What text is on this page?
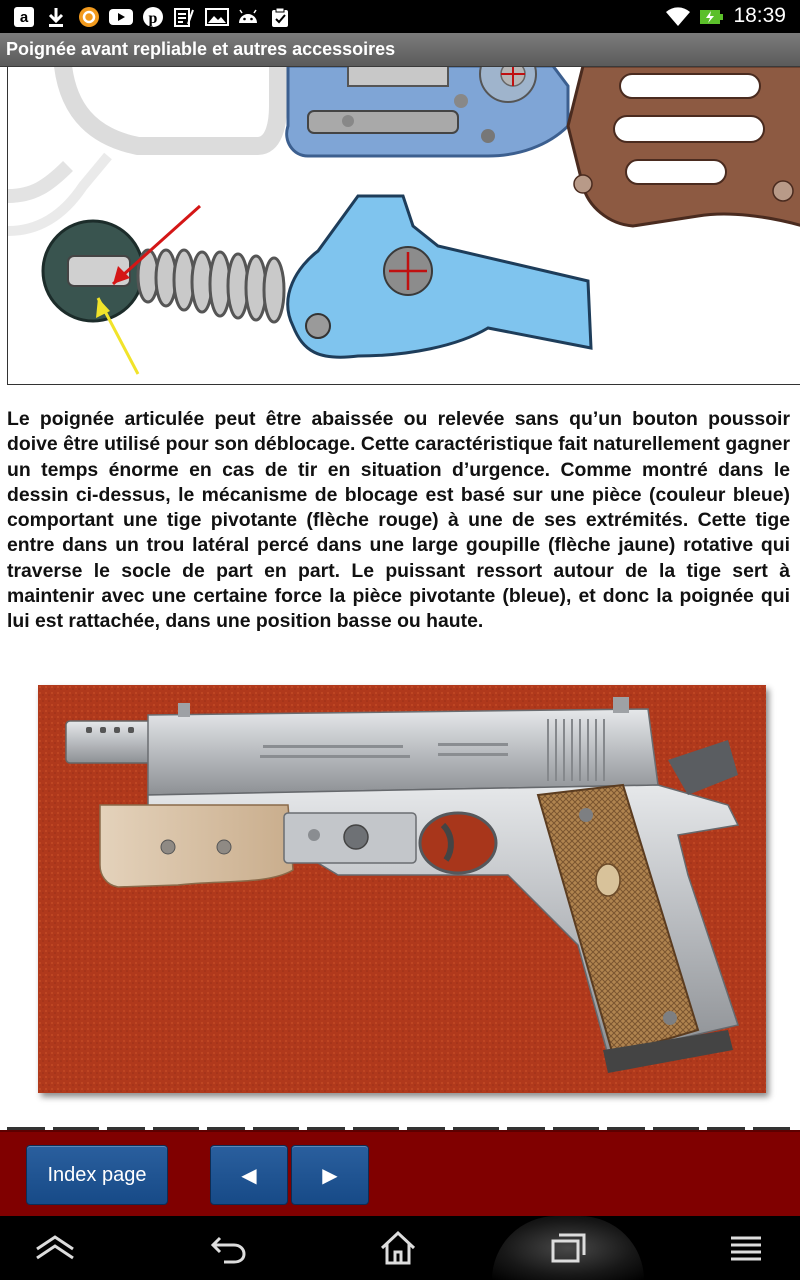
a	p	18:39
Poignée avant repliable et autres accessoires
Le poignée articulée peut être abaissée ou relevée sans qu’un bouton poussoir doive être utilisé pour son déblocage. Cette caractéristique fait naturellement gagner un temps énorme en cas de tir en situation d’urgence. Comme montré dans le dessin ci-dessus, le mécanisme de blocage est basé sur une pièce (couleur bleue) comportant une tige pivotante (flèche rouge) à une de ses extrémités. Cette tige entre dans un trou latéral percé dans une large goupille (flèche jaune) rotative qui traverse le socle de part en part. Le puissant ressort autour de la tige sert à maintenir avec une certaine force la pièce pivotante (bleue), et donc la poignée qui lui est rattachée, dans une position basse ou haute.
Index page	◀	▶
